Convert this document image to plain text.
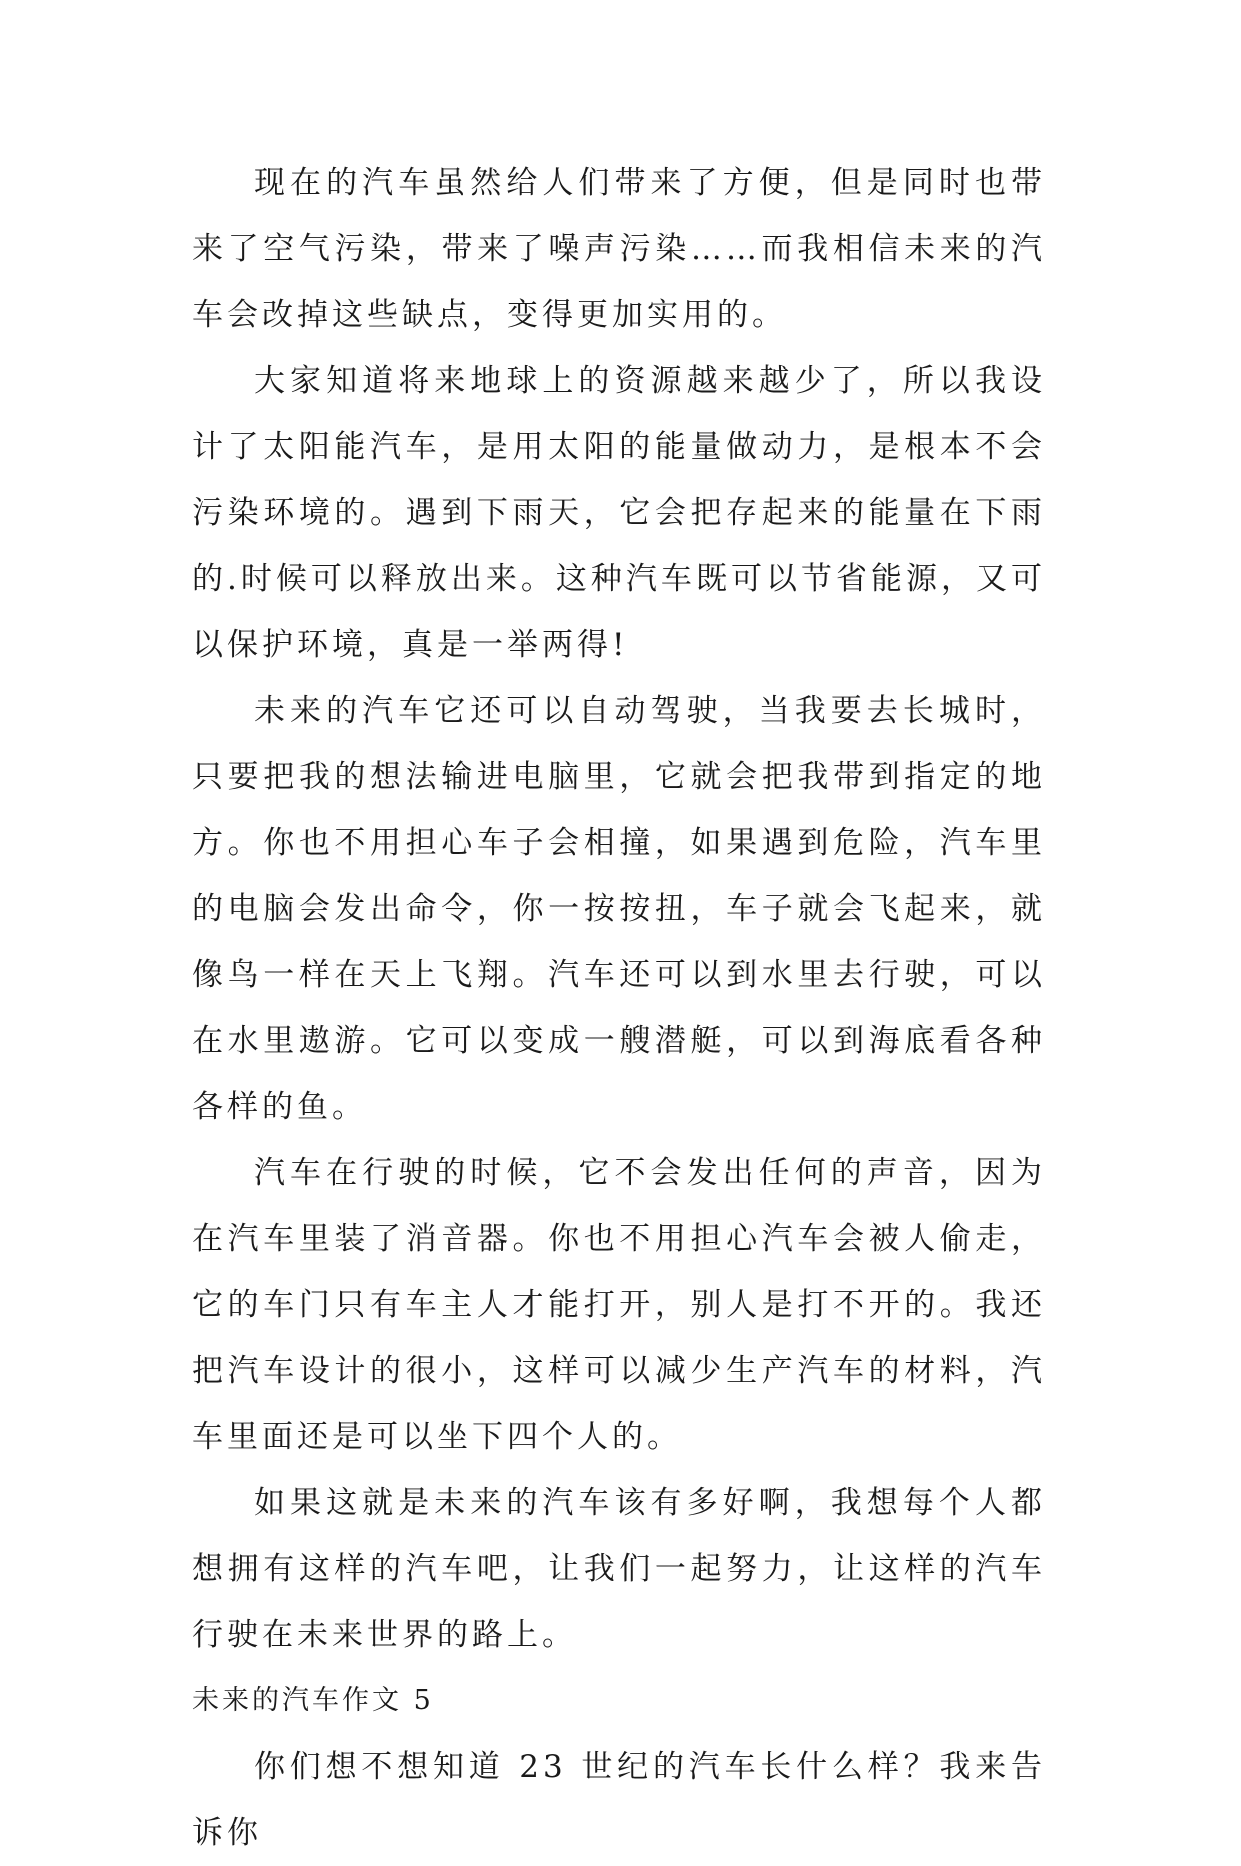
现在的汽车虽然给人们带来了方便，但是同时也带来了空气污染，带来了噪声污染……而我相信未来的汽车会改掉这些缺点，变得更加实用的。

大家知道将来地球上的资源越来越少了，所以我设计了太阳能汽车，是用太阳的能量做动力，是根本不会污染环境的。遇到下雨天，它会把存起来的能量在下雨的.时候可以释放出来。这种汽车既可以节省能源，又可以保护环境，真是一举两得!

未来的汽车它还可以自动驾驶，当我要去长城时，只要把我的想法输进电脑里，它就会把我带到指定的地方。你也不用担心车子会相撞，如果遇到危险，汽车里的电脑会发出命令，你一按按扭，车子就会飞起来，就像鸟一样在天上飞翔。汽车还可以到水里去行驶，可以在水里遨游。它可以变成一艘潜艇，可以到海底看各种各样的鱼。

汽车在行驶的时候，它不会发出任何的声音，因为在汽车里装了消音器。你也不用担心汽车会被人偷走，它的车门只有车主人才能打开，别人是打不开的。我还把汽车设计的很小，这样可以减少生产汽车的材料，汽车里面还是可以坐下四个人的。

如果这就是未来的汽车该有多好啊，我想每个人都想拥有这样的汽车吧，让我们一起努力，让这样的汽车行驶在未来世界的路上。

未来的汽车作文 5

你们想不想知道 23 世纪的汽车长什么样？我来告诉你
